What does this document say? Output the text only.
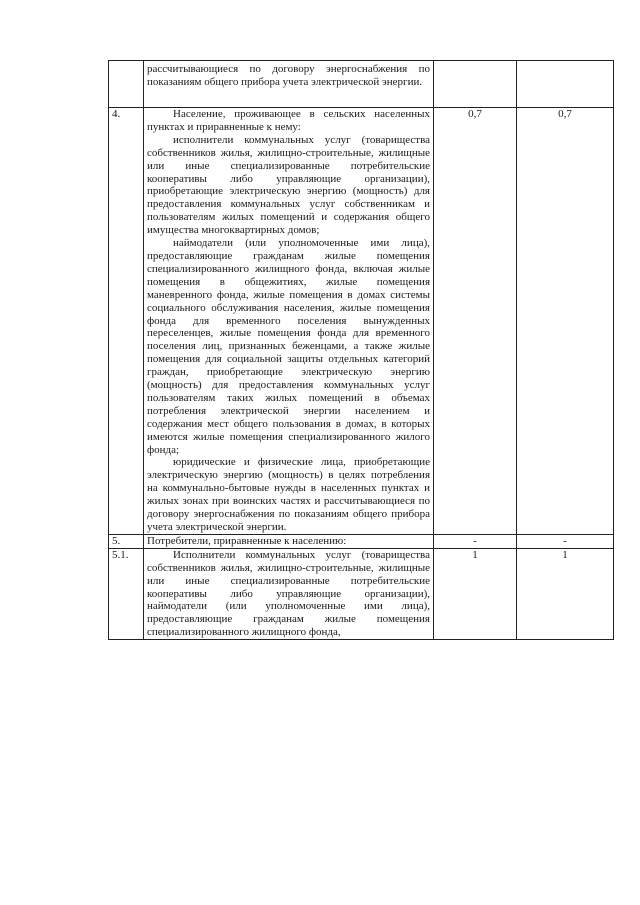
	рассчитывающиеся по договору энергоснабжения по показаниям общего прибора учета электрической энергии.		

4.	Население, проживающее в сельских населенных пунктах и приравненные к нему:

исполнители коммунальных услуг (товарищества собственников жилья, жилищно-строительные, жилищные или иные специализированные потребительские кооперативы либо управляющие организации), приобретающие электрическую энергию (мощность) для предоставления коммунальных услуг собственникам и пользователям жилых помещений и содержания общего имущества многоквартирных домов;

наймодатели (или уполномоченные ими лица), предоставляющие гражданам жилые помещения специализированного жилищного фонда, включая жилые помещения в общежитиях, жилые помещения маневренного фонда, жилые помещения в домах системы социального обслуживания населения, жилые помещения фонда для временного поселения вынужденных переселенцев, жилые помещения фонда для временного поселения лиц, признанных беженцами, а также жилые помещения для социальной защиты отдельных категорий граждан, приобретающие электрическую энергию (мощность) для предоставления коммунальных услуг пользователям таких жилых помещений в объемах потребления электрической энергии населением и содержания мест общего пользования в домах, в которых имеются жилые помещения специализированного жилого фонда;

юридические и физические лица, приобретающие электрическую энергию (мощность) в целях потребления на коммунально-бытовые нужды в населенных пунктах и жилых зонах при воинских частях и рассчитывающиеся по договору энергоснабжения по показаниям общего прибора учета электрической энергии.	0,7	0,7
5.	Потребители, приравненные к населению:	-	-
5.1.	Исполнители коммунальных услуг (товарищества собственников жилья, жилищно-строительные, жилищные или иные специализированные потребительские кооперативы либо управляющие организации), наймодатели (или уполномоченные ими лица), предоставляющие гражданам жилые помещения специализированного жилищного фонда,	1	1
